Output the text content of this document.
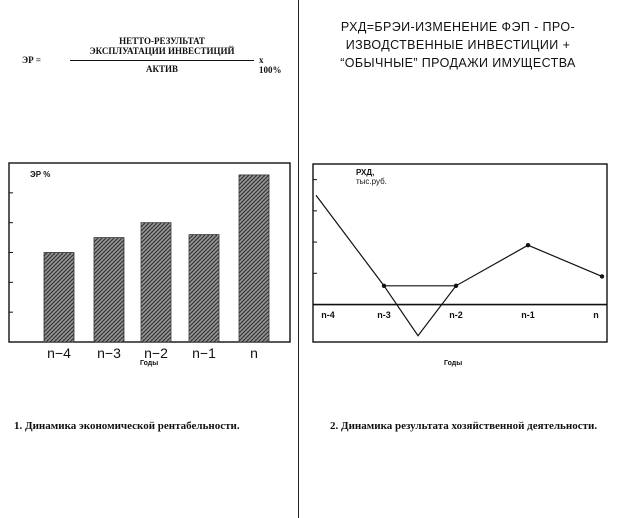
ЭР =
НЕТТО-РЕЗУЛЬТАТ
ЭКСПЛУАТАЦИИ ИНВЕСТИЦИЙ
АКТИВ
x 100%
РХД=БРЭИ-ИЗМЕНЕНИЕ ФЭП - ПРО-
ИЗВОДСТВЕННЫЕ ИНВЕСТИЦИИ +
“ОБЫЧНЫЕ” ПРОДАЖИ ИМУЩЕСТВА
ЭР %
n−4 n−3 n−2 n−1	n
Годы
РХД,
тыс.руб.
n-4	n-3	n-2	n-1	n
Годы
1. Динамика экономической рентабельности.	2. Динамика результата хозяйственной деятельности.
